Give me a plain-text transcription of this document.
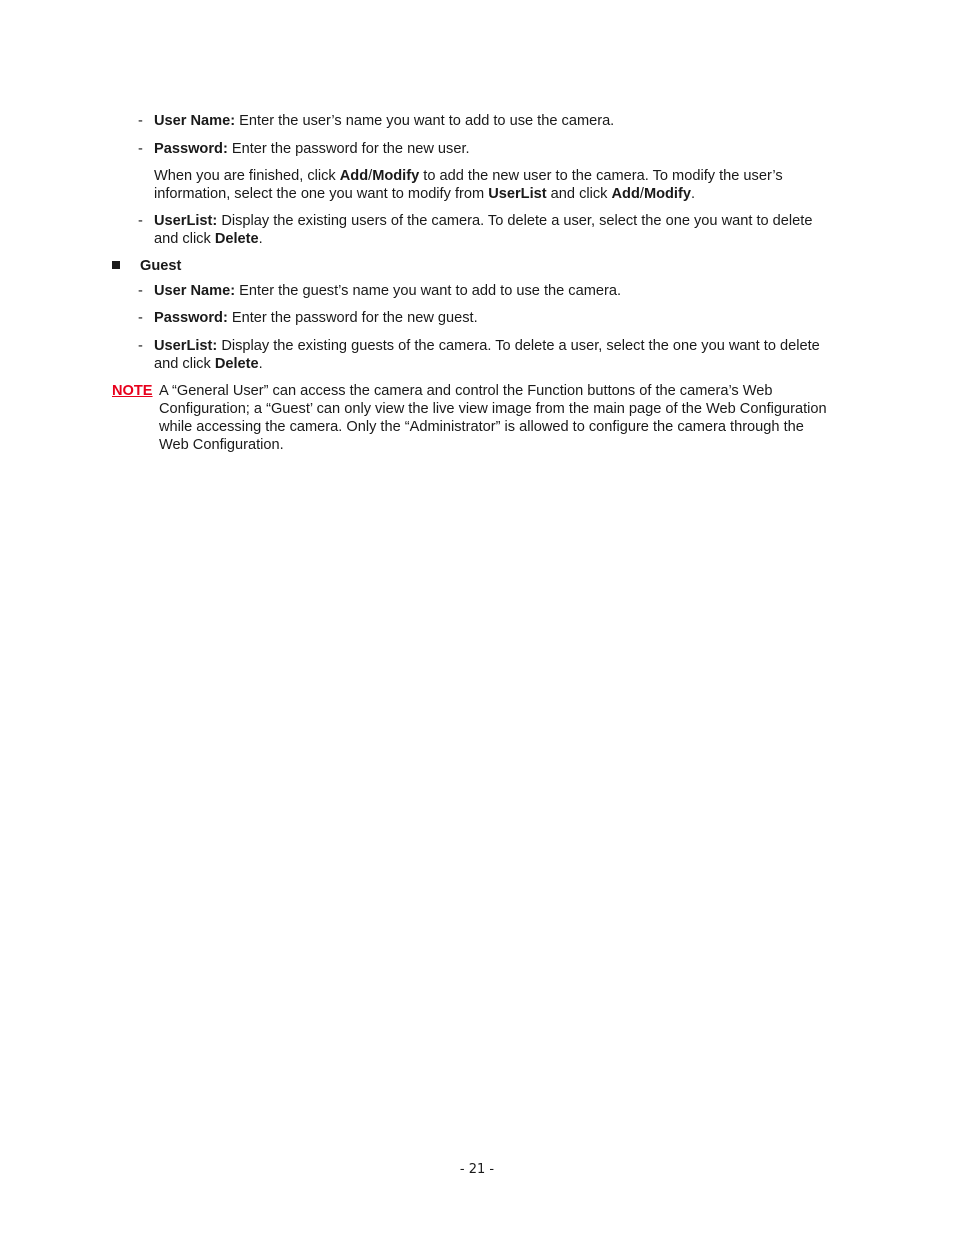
- User Name: Enter the user’s name you want to add to use the camera.
- Password: Enter the password for the new user.
When you are finished, click Add/Modify to add the new user to the camera. To modify the user’s information, select the one you want to modify from UserList and click Add/Modify.
- UserList: Display the existing users of the camera. To delete a user, select the one you want to delete and click Delete.
Guest
- User Name: Enter the guest’s name you want to add to use the camera.
- Password: Enter the password for the new guest.
- UserList: Display the existing guests of the camera. To delete a user, select the one you want to delete and click Delete.
NOTE A “General User” can access the camera and control the Function buttons of the camera’s Web Configuration; a “Guest’ can only view the live view image from the main page of the Web Configuration while accessing the camera. Only the “Administrator” is allowed to configure the camera through the Web Configuration.
- 21 -
